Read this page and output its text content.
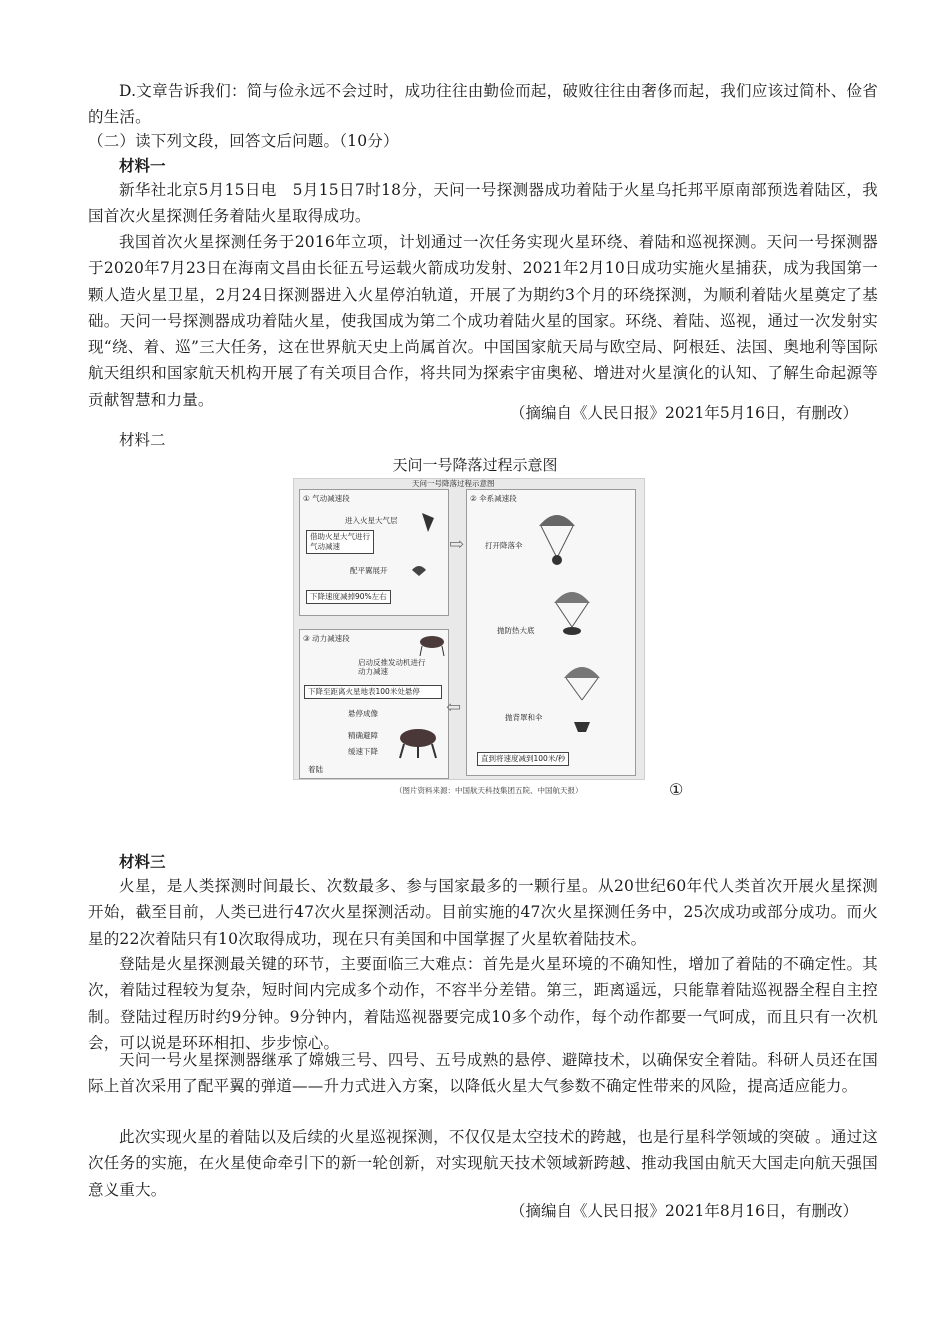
D.文章告诉我们：简与俭永远不会过时，成功往往由勤俭而起，破败往往由奢侈而起，我们应该过简朴、俭省的生活。

（二）读下列文段，回答文后问题。（10分）

材料一

新华社北京5月15日电　5月15日7时18分，天问一号探测器成功着陆于火星乌托邦平原南部预选着陆区，我国首次火星探测任务着陆火星取得成功。

我国首次火星探测任务于2016年立项，计划通过一次任务实现火星环绕、着陆和巡视探测。天问一号探测器于2020年7月23日在海南文昌由长征五号运载火箭成功发射、2021年2月10日成功实施火星捕获，成为我国第一颗人造火星卫星，2月24日探测器进入火星停泊轨道，开展了为期约3个月的环绕探测，为顺利着陆火星奠定了基础。天问一号探测器成功着陆火星，使我国成为第二个成功着陆火星的国家。环绕、着陆、巡视，通过一次发射实现“绕、着、巡”三大任务，这在世界航天史上尚属首次。中国国家航天局与欧空局、阿根廷、法国、奥地利等国际航天组织和国家航天机构开展了有关项目合作，将共同为探索宇宙奥秘、增进对火星演化的认知、了解生命起源等贡献智慧和力量。

（摘编自《人民日报》2021年5月16日，有删改）

材料二

天问一号降落过程示意图

天问一号降落过程示意图
① 气动减速段
进入火星大气层
借助火星大气进行气动减速
配平翼展开
下降速度减掉90%左右
⇨
② 伞系减速段
打开降落伞
抛防热大底
抛背罩和伞
直到将速度减到100米/秒
③ 动力减速段
启动反推发动机进行动力减速
下降至距离火星地表100米处悬停
悬停成像
精确避障
缓速下降
着陆
⇦
（图片资料来源：中国航天科技集团五院、中国航天报）	①

材料三

火星，是人类探测时间最长、次数最多、参与国家最多的一颗行星。从20世纪60年代人类首次开展火星探测开始，截至目前，人类已进行47次火星探测活动。目前实施的47次火星探测任务中，25次成功或部分成功。而火星的22次着陆只有10次取得成功，现在只有美国和中国掌握了火星软着陆技术。

登陆是火星探测最关键的环节，主要面临三大难点：首先是火星环境的不确知性，增加了着陆的不确定性。其次，着陆过程较为复杂，短时间内完成多个动作，不容半分差错。第三，距离遥远，只能靠着陆巡视器全程自主控制。登陆过程历时约9分钟。9分钟内，着陆巡视器要完成10多个动作，每个动作都要一气呵成，而且只有一次机会，可以说是环环相扣、步步惊心。

天问一号火星探测器继承了嫦娥三号、四号、五号成熟的悬停、避障技术，以确保安全着陆。科研人员还在国际上首次采用了配平翼的弹道——升力式进入方案，以降低火星大气参数不确定性带来的风险，提高适应能力。

此次实现火星的着陆以及后续的火星巡视探测，不仅仅是太空技术的跨越，也是行星科学领域的突破 。通过这次任务的实施，在火星使命牵引下的新一轮创新，对实现航天技术领域新跨越、推动我国由航天大国走向航天强国意义重大。

（摘编自《人民日报》2021年8月16日，有删改）
